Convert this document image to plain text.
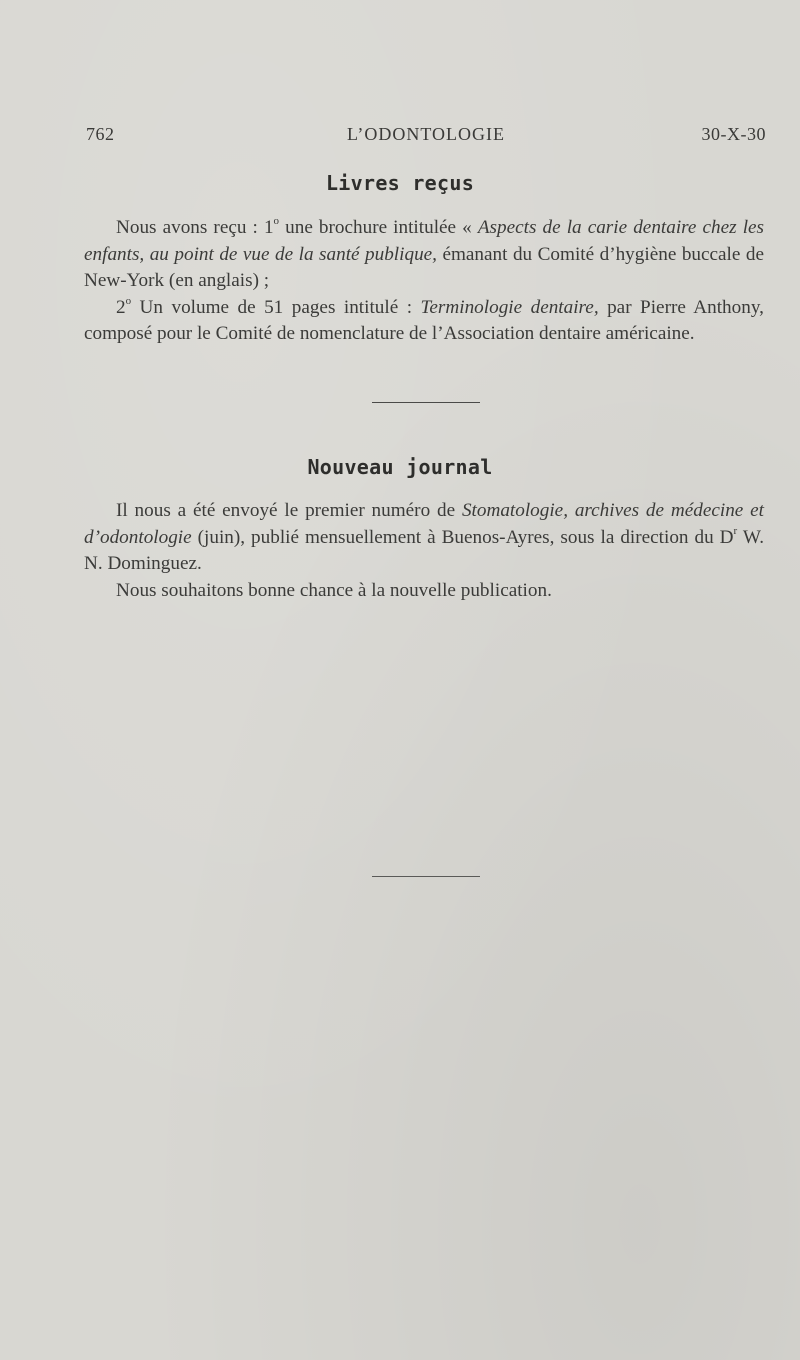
762	L’ODONTOLOGIE	30-X-30
Livres reçus

Nous avons reçu : 1$^o$ une brochure intitulée « Aspects de la carie dentaire chez les enfants, au point de vue de la santé publique, émanant du Comité d’hygiène buccale de New-York (en anglais) ;

2$^o$ Un volume de 51 pages intitulé : Terminologie dentaire, par Pierre Anthony, composé pour le Comité de nomenclature de l’Association dentaire américaine.

Nouveau journal

Il nous a été envoyé le premier numéro de Stomatologie, archives de médecine et d’odontologie (juin), publié mensuellement à Buenos-Ayres, sous la direction du $D^r$ W. N. Dominguez.

Nous souhaitons bonne chance à la nouvelle publication.
